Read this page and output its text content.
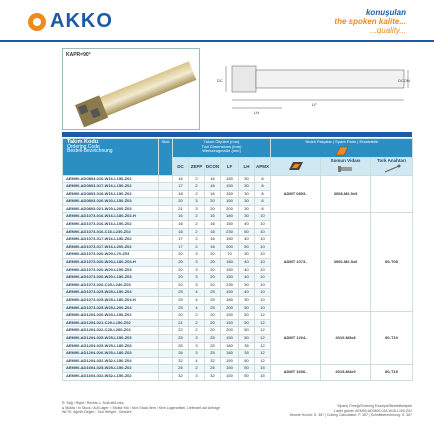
AKKO	konuşulan
the spoken kalite...
...quality...
KAPR=90°
DC	DCON
LF
LH
Takım Kodu
Ordering Code
Bestell-Bezeichnung	Stok	Takım Ölçüleri (mm)
Tool Dimensions (mm)
Werkzeugmaße (mm)						Yedek Parçalar | Spare Parts | Ersatzteile		

		DC	ZEFP	DCON	LF	LH	APMX		Somun Vidası	Tork Anahtarı

AEM90-AD0803-016-W16-L150-Z02		16	2	16	150	30	8	ADMT 0803..	3008-M2.5x5	
AEM90-AD0803-017-W16-L150-Z02		17	2	16	150	30	8			
AEM90-AD0803-018-W16-L150-Z02		18	2	16	150	30	8			
AEM90-AD0803-020-W20-L150-Z03		20	3	20	150	30	8			
AEM90-AD0803-021-W20-L200-Z03		21	3	20	200	30	8			
AEM90-AD1073-016-W16-L180-Z02-H		16	2	16	180	30	10	ADMT 1073..	3006-M2.5x6	80-T08
AEM90-AD1073-016-W16-L150-Z02		16	2	16	150	40	10			
AEM90-AD1073-016-C16-L230-Z02		16	2	16	230	50	10			
AEM90-AD1073-017-W16-L150-Z02		17	2	16	150	40	10			
AEM90-AD1073-017-W16-L200-Z02		17	2	16	200	50	10			
AEM90-AD1073-020-W20-L70-Z03		20	3	20	70	30	10			
AEM90-AD1073-020-W20-L180-Z03-H		20	3	20	180	40	10			
AEM90-AD1073-020-W20-L150-Z03		20	3	20	150	40	10			
AEM90-AD1073-020-W20-L150-Z03		20	3	20	150	40	10			
AEM90-AD1073-020-C20-L230-Z03		20	3	20	230	50	10			
AEM90-AD1073-025-W25-L150-Z04		25	4	25	150	40	10			
AEM90-AD1073-025-W25-L180-Z04-H		25	4	25	180	30	10			
AEM90-AD1073-025-W25-L200-Z04		25	4	25	200	50	10			
AEM90-AD1204-020-W20-L150-Z02		20	2	20	150	50	12	ADMT 1204..	4010-M3x8	80-T10
AEM90-AD1204-021-C20-L150-Z02		21	2	20	150	50	12			
AEM90-AD1204-022-C20-L200-Z02		22	2	20	200	50	12			
AEM90-AD1204-025-W25-L150-Z03		25	3	25	150	50	12			
AEM90-AD1204-025-W25-L180-Z03		25	3	25	180	35	12			
AEM90-AD1204-026-W25-L180-Z03		26	3	25	180	35	12			
AEM90-AD1204-032-W32-L150-Z04		32	4	32	150	50	12			
AEM90-AD1604-025-W25-L150-Z02		25	2	25	150	50	15	ADMT 1606..	4015-M4x9	80-T15
AEM90-AD1604-032-W32-L150-Z02		32	3	32	150	50	15			
R: Sağ / Right / Rechts L: Sol/Left/Links
● Stokta / In Stock / Auf Lager ○ Stokta Yok / Non Stock Item / Kein Lagerartikel, Lieferzeit auf Anfrage
WLTK: Ağırlık Değeri - Tool Weight - Gewicht
Sipariş Örneği/Ordering Example/Bestellbeispiel
1 adet gövde: AEM90-AD0803-016-W16-L150-Z02
Kesme Hızıdır: S. 367 | Cutting Calculation: P. 367 | Schnittberechnung: S. 367
